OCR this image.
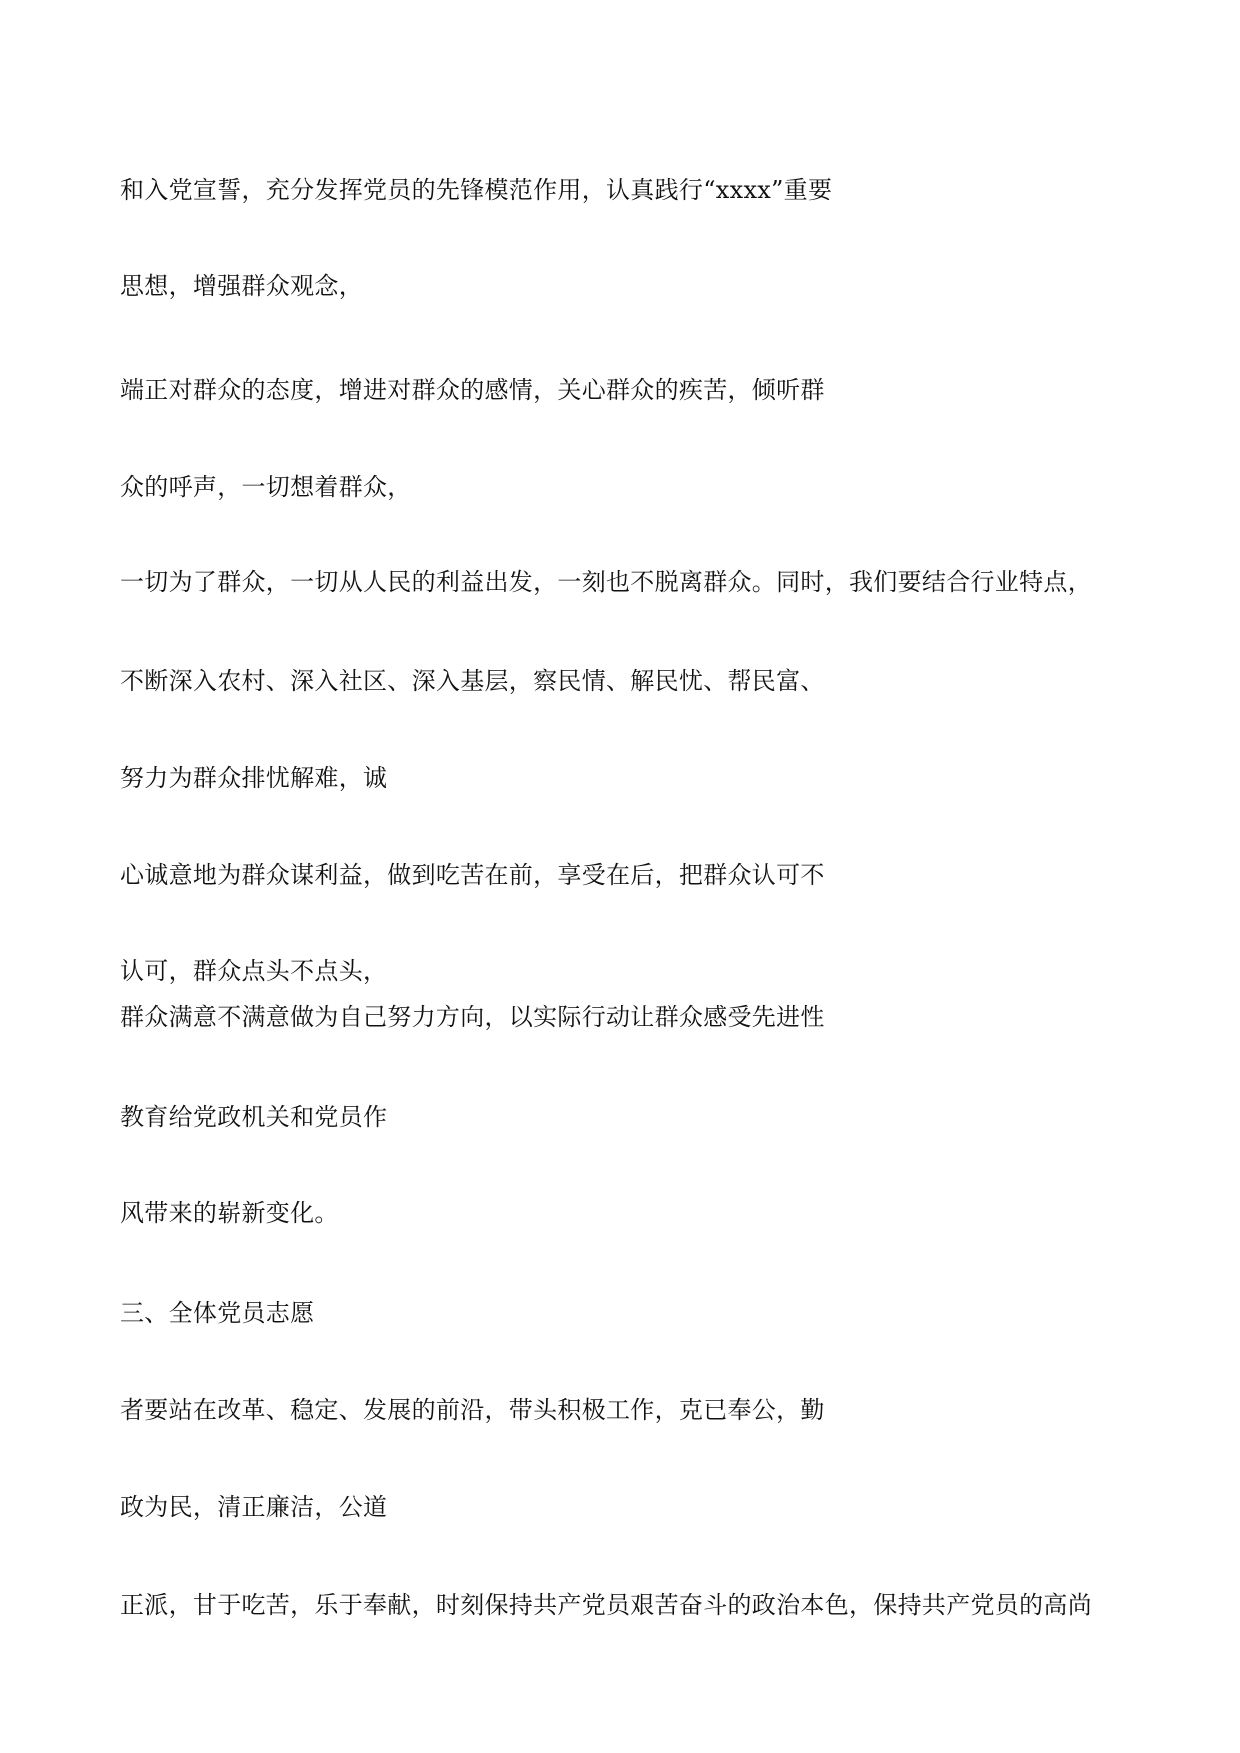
和入党宣誓，充分发挥党员的先锋模范作用，认真践行“xxxx”重要

思想，增强群众观念，

端正对群众的态度，增进对群众的感情，关心群众的疾苦，倾听群

众的呼声，一切想着群众，

一切为了群众，一切从人民的利益出发，一刻也不脱离群众。同时，我们要结合行业特点，

不断深入农村、深入社区、深入基层，察民情、解民忧、帮民富、

努力为群众排忧解难，诚

心诚意地为群众谋利益，做到吃苦在前，享受在后，把群众认可不

认可，群众点头不点头，

群众满意不满意做为自己努力方向，以实际行动让群众感受先进性

教育给党政机关和党员作

风带来的崭新变化。

三、全体党员志愿

者要站在改革、稳定、发展的前沿，带头积极工作，克已奉公，勤

政为民，清正廉洁，公道

正派，甘于吃苦，乐于奉献，时刻保持共产党员艰苦奋斗的政治本色，保持共产党员的高尚
